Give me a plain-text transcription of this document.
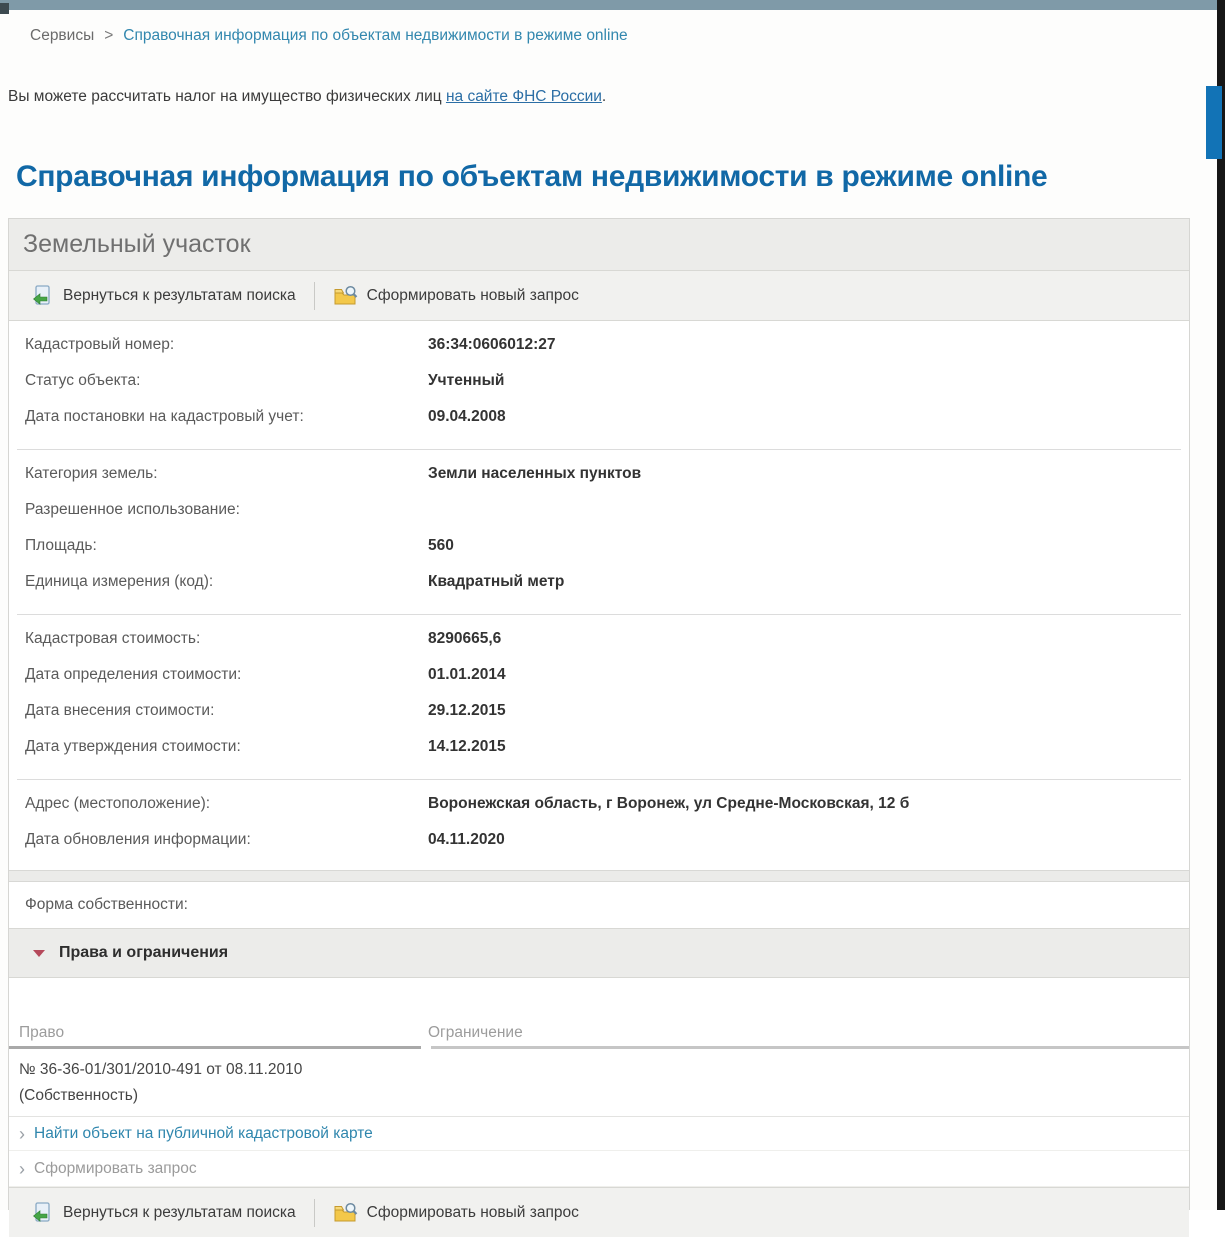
Сервисы > Справочная информация по объектам недвижимости в режиме online
Вы можете рассчитать налог на имущество физических лиц на сайте ФНС России.
Справочная информация по объектам недвижимости в режиме online
Земельный участок
Вернуться к результатам поиска	Сформировать новый запрос
Кадастровый номер:	36:34:0606012:27
Статус объекта:	Учтенный
Дата постановки на кадастровый учет:	09.04.2008
Категория земель:	Земли населенных пунктов
Разрешенное использование:
Площадь:	560
Единица измерения (код):	Квадратный метр
Кадастровая стоимость:	8290665,6
Дата определения стоимости:	01.01.2014
Дата внесения стоимости:	29.12.2015
Дата утверждения стоимости:	14.12.2015
Адрес (местоположение):	Воронежская область, г Воронеж, ул Средне-Московская, 12 б
Дата обновления информации:	04.11.2020
Форма собственности:
Права и ограничения
Право	Ограничение
№ 36-36-01/301/2010-491 от 08.11.2010
(Собственность)
› Найти объект на публичной кадастровой карте
› Сформировать запрос
Вернуться к результатам поиска	Сформировать новый запрос
